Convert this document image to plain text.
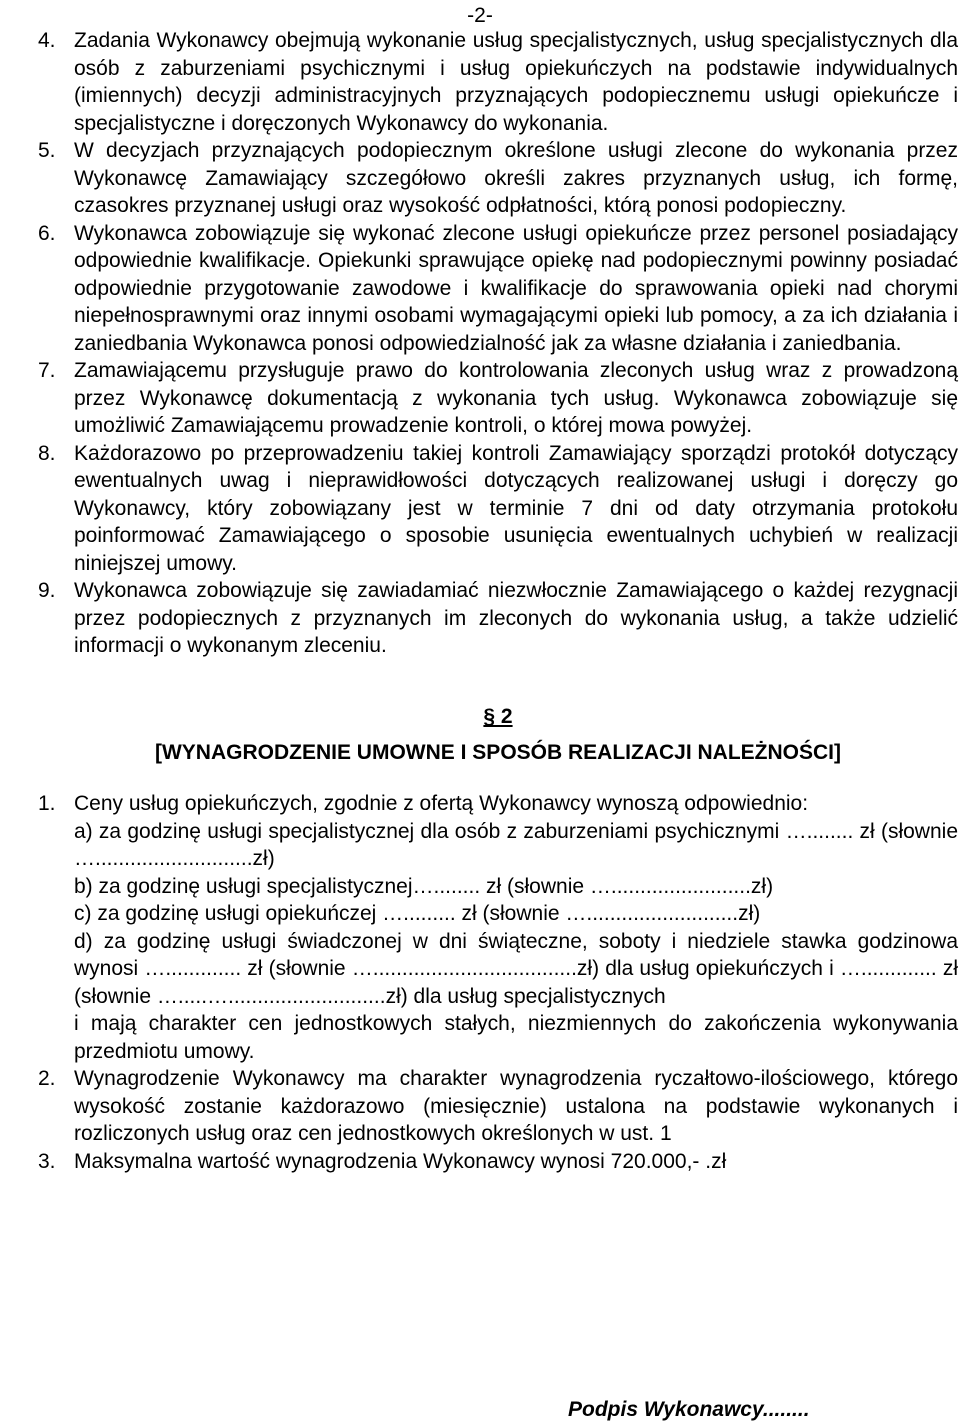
-2-
4. Zadania Wykonawcy obejmują wykonanie usług specjalistycznych, usług specjalistycznych dla osób z zaburzeniami psychicznymi i usług opiekuńczych na podstawie indywidualnych (imiennych) decyzji administracyjnych przyznających podopiecznemu usługi opiekuńcze i specjalistyczne i doręczonych Wykonawcy do wykonania.
5. W decyzjach przyznających podopiecznym określone usługi zlecone do wykonania przez Wykonawcę Zamawiający szczegółowo określi zakres przyznanych usług, ich formę, czasokres przyznanej usługi oraz wysokość odpłatności, którą ponosi podopieczny.
6. Wykonawca zobowiązuje się wykonać zlecone usługi opiekuńcze przez personel posiadający odpowiednie kwalifikacje. Opiekunki sprawujące opiekę nad podopiecznymi powinny posiadać odpowiednie przygotowanie zawodowe i kwalifikacje do sprawowania opieki nad chorymi niepełnosprawnymi oraz innymi osobami wymagającymi opieki lub pomocy, a za ich działania i zaniedbania Wykonawca ponosi odpowiedzialność jak za własne działania i zaniedbania.
7. Zamawiającemu przysługuje prawo do kontrolowania zleconych usług wraz z prowadzoną przez Wykonawcę dokumentacją z wykonania tych usług. Wykonawca zobowiązuje się umożliwić Zamawiającemu prowadzenie kontroli, o której mowa powyżej.
8. Każdorazowo po przeprowadzeniu takiej kontroli Zamawiający sporządzi protokół dotyczący ewentualnych uwag i nieprawidłowości dotyczących realizowanej usługi i doręczy go Wykonawcy, który zobowiązany jest w terminie 7 dni od daty otrzymania protokołu poinformować Zamawiającego o sposobie usunięcia ewentualnych uchybień w realizacji niniejszej umowy.
9. Wykonawca zobowiązuje się zawiadamiać niezwłocznie Zamawiającego o każdej rezygnacji przez podopiecznych z przyznanych im zleconych do wykonania usług, a także udzielić informacji o wykonanym zleceniu.
§ 2
[WYNAGRODZENIE UMOWNE I SPOSÓB REALIZACJI NALEŻNOŚCI]
1. Ceny usług opiekuńczych, zgodnie z ofertą Wykonawcy wynoszą odpowiednio:
a) za godzinę usługi specjalistycznej dla osób z zaburzeniami psychicznymi …........ zł (słownie …...........................zł)
b) za godzinę usługi specjalistycznej…........ zł (słownie …........................zł)
c) za godzinę usługi opiekuńczej …......... zł (słownie …..........................zł)
d) za godzinę usługi świadczonej w dni świąteczne, soboty i niedziele stawka godzinowa wynosi …............. zł (słownie …...................................zł) dla usług opiekuńczych i …............. zł (słownie ….....…...........................zł) dla usług specjalistycznych
i mają charakter cen jednostkowych stałych, niezmiennych do zakończenia wykonywania przedmiotu umowy.
2. Wynagrodzenie Wykonawcy ma charakter wynagrodzenia ryczałtowo-ilościowego, którego wysokość zostanie każdorazowo (miesięcznie) ustalona na podstawie wykonanych i rozliczonych usług oraz cen jednostkowych określonych w ust. 1
3. Maksymalna wartość wynagrodzenia Wykonawcy wynosi 720.000,- .zł
Podpis Wykonawcy........
